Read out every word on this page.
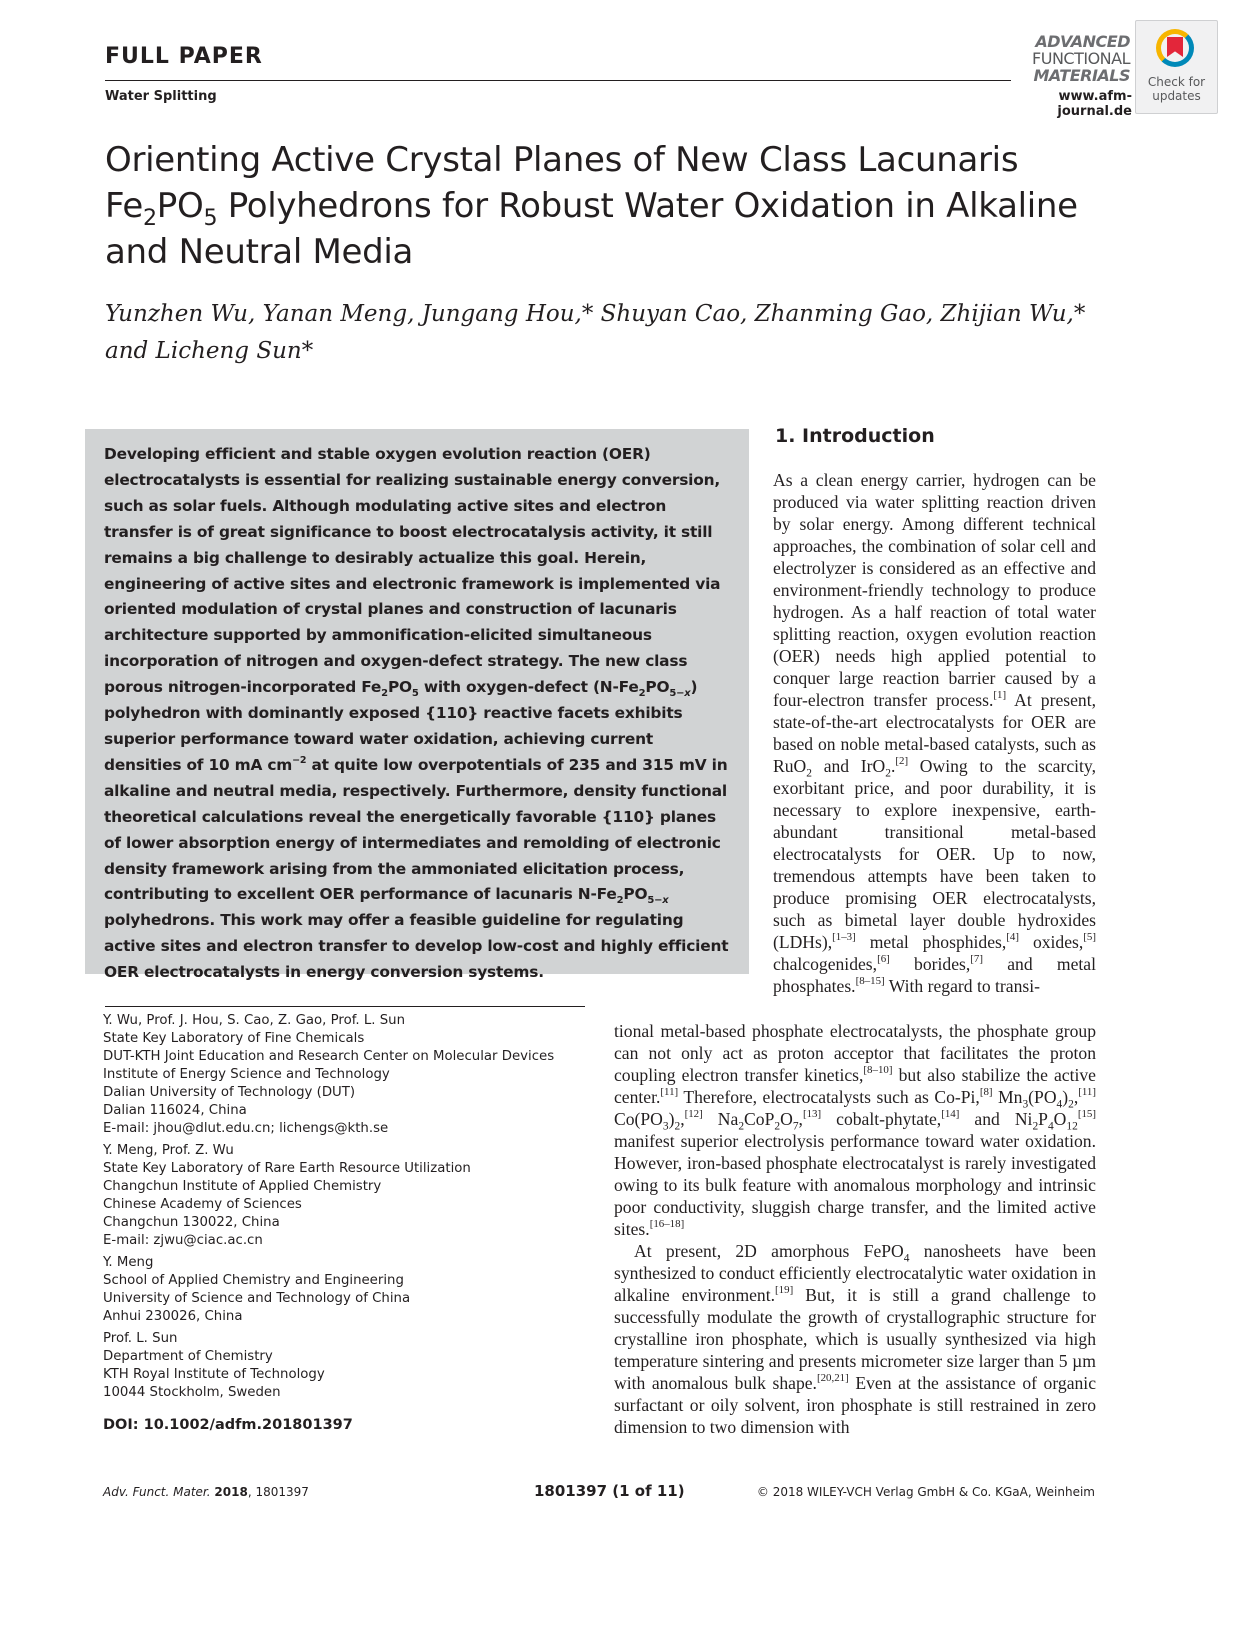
FULL PAPER
Water Splitting
ADVANCED
FUNCTIONAL
MATERIALS
www.afm-journal.de
Check for
updates
Orienting Active Crystal Planes of New Class Lacunaris $Fe_2PO_5$ Polyhedrons for Robust Water Oxidation in Alkaline and Neutral Media
Yunzhen Wu, Yanan Meng, Jungang Hou,* Shuyan Cao, Zhanming Gao, Zhijian Wu,* and Licheng Sun*
Developing efficient and stable oxygen evolution reaction (OER) electrocatalysts is essential for realizing sustainable energy conversion, such as solar fuels. Although modulating active sites and electron transfer is of great significance to boost electrocatalysis activity, it still remains a big challenge to desirably actualize this goal. Herein, engineering of active sites and electronic framework is implemented via oriented modulation of crystal planes and construction of lacunaris architecture supported by ammonification-elicited simultaneous incorporation of nitrogen and oxygen-defect strategy. The new class porous nitrogen-incorporated $Fe_2PO_5$ with oxygen-defect $(N-Fe_2PO_{5-x})$ polyhedron with dominantly exposed {110} reactive facets exhibits superior performance toward water oxidation, achieving current densities of 10 mA $cm^{-2}$ at quite low overpotentials of 235 and 315 mV in alkaline and neutral media, respectively. Furthermore, density functional theoretical calculations reveal the energetically favorable {110} planes of lower absorption energy of intermediates and remolding of electronic density framework arising from the ammoniated elicitation process, contributing to excellent OER performance of lacunaris $N-Fe_2PO_{5-x}$ polyhedrons. This work may offer a feasible guideline for regulating active sites and electron transfer to develop low-cost and highly efficient OER electrocatalysts in energy conversion systems.
1. Introduction
As a clean energy carrier, hydrogen can be produced via water splitting reaction driven by solar energy. Among different technical approaches, the combination of solar cell and electrolyzer is considered as an effective and environment-friendly technology to produce hydrogen. As a half reaction of total water splitting reaction, oxygen evolution reaction (OER) needs high applied potential to conquer large reaction barrier caused by a four-electron transfer process.[1] At present, state-of-the-art electrocatalysts for OER are based on noble metal-based catalysts, such as RuO$_2$ and IrO$_2$.[2] Owing to the scarcity, exorbitant price, and poor durability, it is necessary to explore inexpensive, earth-abundant transitional metal-based electrocatalysts for OER. Up to now, tremendous attempts have been taken to produce promising OER electrocatalysts, such as bimetal layer double hydroxides (LDHs),[1–3] metal phosphides,[4] oxides,[5] chalcogenides,[6] borides,[7] and metal phosphates.[8–15] With regard to transi-
tional metal-based phosphate electrocatalysts, the phosphate group can not only act as proton acceptor that facilitates the proton coupling electron transfer kinetics,[8–10] but also stabilize the active center.[11] Therefore, electrocatalysts such as Co-Pi,[8] $Mn_3(PO_4)_2,[11]$ $Co(PO_3)_2,[12]$ $Na_2CoP_2O_7,[13]$ cobalt-phytate,[14] and $Ni_2P_4O_{12}[15]$ manifest superior electrolysis performance toward water oxidation. However, iron-based phosphate electrocatalyst is rarely investigated owing to its bulk feature with anomalous morphology and intrinsic poor conductivity, sluggish charge transfer, and the limited active sites.[16–18]
At present, 2D amorphous FePO$_4$ nanosheets have been synthesized to conduct efficiently electrocatalytic water oxidation in alkaline environment.[19] But, it is still a grand challenge to successfully modulate the growth of crystallographic structure for crystalline iron phosphate, which is usually synthesized via high temperature sintering and presents micrometer size larger than 5 µm with anomalous bulk shape.[20,21] Even at the assistance of organic surfactant or oily solvent, iron phosphate is still restrained in zero dimension to two dimension with
Y. Wu, Prof. J. Hou, S. Cao, Z. Gao, Prof. L. Sun
State Key Laboratory of Fine Chemicals
DUT-KTH Joint Education and Research Center on Molecular Devices
Institute of Energy Science and Technology
Dalian University of Technology (DUT)
Dalian 116024, China
E-mail: jhou@dlut.edu.cn; lichengs@kth.se
Y. Meng, Prof. Z. Wu
State Key Laboratory of Rare Earth Resource Utilization
Changchun Institute of Applied Chemistry
Chinese Academy of Sciences
Changchun 130022, China
E-mail: zjwu@ciac.ac.cn
Y. Meng
School of Applied Chemistry and Engineering
University of Science and Technology of China
Anhui 230026, China
Prof. L. Sun
Department of Chemistry
KTH Royal Institute of Technology
10044 Stockholm, Sweden
DOI: 10.1002/adfm.201801397
Adv. Funct. Mater. 2018, 1801397	1801397 (1 of 11)	© 2018 WILEY-VCH Verlag GmbH & Co. KGaA, Weinheim
